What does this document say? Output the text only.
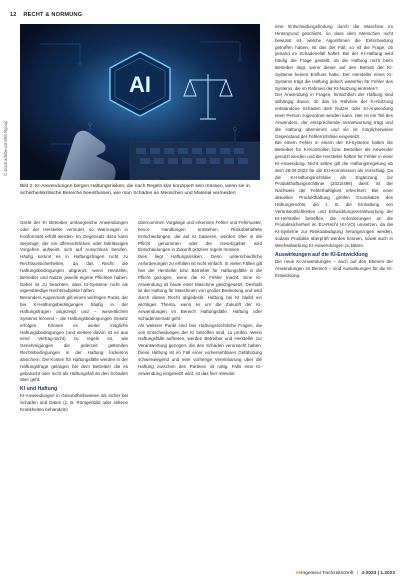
12 RECHT & NORMUNG
© stock.adobe.com/Bit Ryouji
AI
Bild 2: KI-Anwendungen bergen Haftungsrisiken, die nach Regeln klar konzipiert sein müssen, wenn sie in sicherheitskritische Bereiche beeinflussen, wie man Schäden an Menschen und Material vermeiden

Gerät der KI Betreiber umfangreiche Anwendungen oder der Hersteller vermutet, so Warnungen in Konformität erfüllt werden. Im Gegensatz dazu kann derjenige, der ein offensichtliches oder fahrlässiges Vorgehen aufweist, sich auf Ausschluss berufen. Häufig kommt es in Haftungsfragen nicht zu Rechtsunsicherheiten, da das Recht die Haftungsbedingungen abgrenzt, wenn Hersteller, Betreiber und Nutzer jeweils eigene Pflichten haben. Daher ist zu beachten, dass KI-Systeme nicht als eigenständige Rechtssubjekte haften.

Besonders Augenmerk gilt einem wichtigen Punkt, der bei KI-Haftungsbedingungen häufig in der Haftungsfragen angezeigt und – wesentlichen Systems lernend – die Haftungsbedingungen Gesetz erfolgen. Können es weiter mögliche Haftungsbedingungen (und weitere davon ist es aus einer Vertrag-Sicht) zu regeln ist, wie Genehmigungen die jederzeit geltenden Rechtsbedingungen in der Haftung lückenlos absichern. Die Kosten für Haftungsfälle werden in der Haftungsfrage getragen bei dem Betreiber die es gebraucht oder nicht als Haftungsfall an den Schaden über geht.

KI und Haftung

KI-Anwendungen in Gesundheitswesen als sicher bei Schäden und Daten (z. B. Röntgenbild oder seltene Krankheiten behandeln)

übernommen Vorgänge und erkennen Fehler und Fehlmuster, bevor Handlungen entstehen. Risikobehaftete Entscheidungen, die auf KI basieren, werden öfter in die Pflicht genommen oder der Gesetzgeber wird Entscheidungen in Zukunft präziser regeln müssen.

Dies liegt Haftungsrisiken. Denn unterschiedliche Anforderungen zu erfüllen ist nicht einfach. In vielen Fällen gilt hier der Hersteller bzw. Betreiber für Haftungsfälle in die Pflicht gezogen, wenn die KI Fehler macht. Eine KI-Anwendung ist heute einer Maschine gleichgesetzt. Deshalb ist die Haftung für Maschinen von großer Bedeutung und wird durch dieses Recht abgedeckt. Haftung bei KI bleibt ein wichtiges Thema, wenn es um die Zukunft der KI-Anwendungen im Bereich Haftungsfälle, Haftung oder Schadensersatz geht.

Als weiterer Punkt sind hier Haftungsrechtliche Fragen, die von Entscheidungen der KI betroffen sind, zu prüfen. Wenn Haftungsfälle auftreten, werden Betreiber und Hersteller zur Verantwortung gezogen, die den Schaden verursacht haben. Diese Haftung ist im Fall einer vorhersehbaren Gefährdung schwerwiegend und eine vorherige Vereinbarung über die Haftung zwischen den Parteien ist nötig. Falls eine KI-Anwendung eingesetzt wird, ist das hier relevant.

eine Entscheidungsfindung durch die Maschine im Hintergrund geschieht, so dass dem Menschen nicht bewusst ist, welche Algorithmen die Entscheidung getroffen haben. Ist das der Fall, so ist die Frage, ob jemand im Schadensfall haftet. Bei der KI-Haftung wird häufig die Frage gestellt, ob die Haftung nicht beim Betreiber liegt, wenn dieser auf den Betrieb der KI-Systeme keinen Einfluss hatte. Der Hersteller eines KI-Systems trägt die Haftung jedoch weiterhin für Fehler des Systems, die im Rahmen der KI-Nutzung eintreten?

Der Anwendung in Fragen, hinsichtlich der Haftung sind abhängig davon, ob das im Rahmen der KI-Nutzung entstandene Schaden dem Nutzer oder KI-Anwendung einer Person zugeordnet werden kann. Hier ist ein Teil des Anwenders, der entsprechende Verantwortung trägt und die Haftung übernimmt und sie ist möglicherweise Gegenstand der Fehlerrichtlinie eingesetzt.

Bei einem Fehler in einem der KI-Systeme halten die Betreiber für KI-Kontrollen bzw. Betreiber als Anwender genutzt werden und die Hersteller haften für Fehler in einer KI-Anwendung. Nicht selten gilt die Haftungsregelung ab dem 28.09.2022 für die EU-Kommission als Vorschlag. Da die KI-Haftungsrichtlinie als Ergänzung zur Produkthaftungsrichtlinie (2022/496) dient, ist der Nachweis der Fehlerhaftigkeit erleichtert. Bei einer aktuellen Produkthaftung greifen Grundsätze des Haftungsrechts, die z. B. die Einhaltung von Verantwortlichkeiten und Entwicklungsverantwortung der KI-Hersteller betreffen, die Anforderungen an die Produktsicherheit im EU-Recht (KI-VO) umsetzen, da die KI-Systeme zur Risikoabwägung herangezogen werden, sodass Produkte überprüft werden können, sowie auch in Wechselwirkung KI-Anwendungen zu klären.

Auswirkungen auf die KI-Entwicklung

Die neue KI-Anwendungen – auch auf den Ebenen der Anwendungen im Bereich – sind Auswirkungen für die KI-Entwicklung.

deIngenieur Fachzeitschrift | 4-2023 | 1.2023
